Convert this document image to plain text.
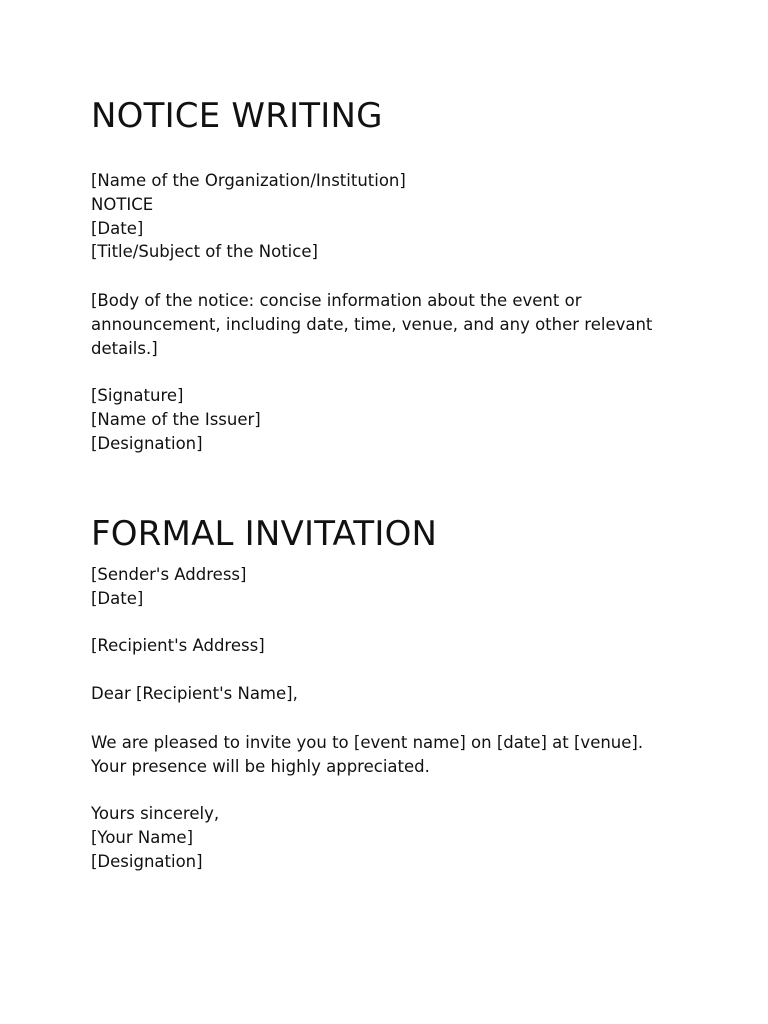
NOTICE WRITING
[Name of the Organization/Institution]
NOTICE
[Date]
[Title/Subject of the Notice]
[Body of the notice: concise information about the event or announcement, including date, time, venue, and any other relevant details.]
[Signature]
[Name of the Issuer]
[Designation]
FORMAL INVITATION
[Sender's Address]
[Date]
[Recipient's Address]
Dear [Recipient's Name],
We are pleased to invite you to [event name] on [date] at [venue]. Your presence will be highly appreciated.
Yours sincerely,
[Your Name]
[Designation]
